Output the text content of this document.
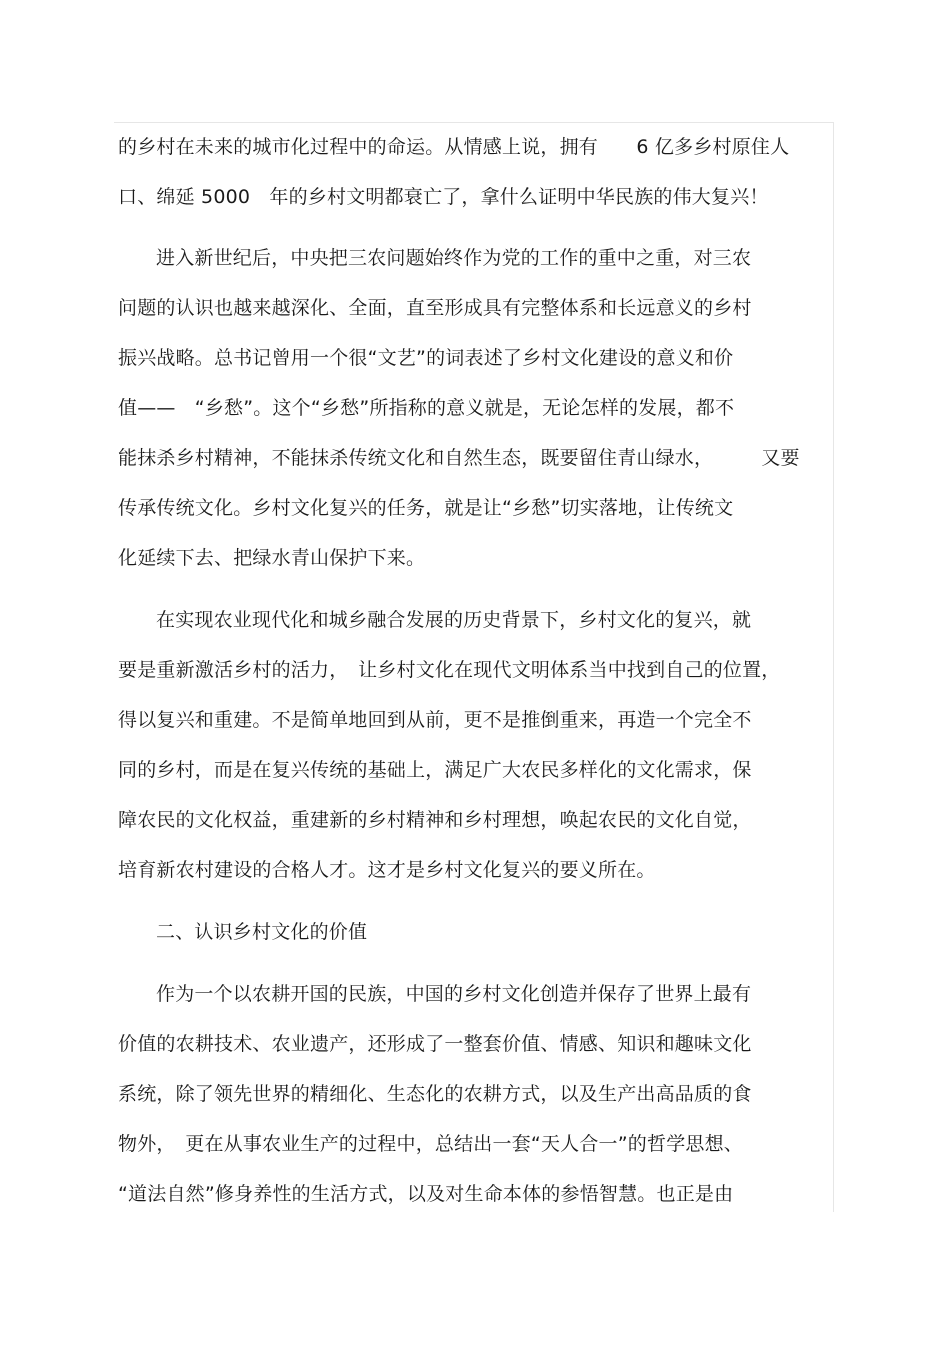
的乡村在未来的城市化过程中的命运。从情感上说，拥有　　6 亿多乡村原住人
口、绵延 5000　年的乡村文明都衰亡了，拿什么证明中华民族的伟大复兴！
进入新世纪后，中央把三农问题始终作为党的工作的重中之重，对三农
问题的认识也越来越深化、全面，直至形成具有完整体系和长远意义的乡村
振兴战略。总书记曾用一个很“文艺”的词表述了乡村文化建设的意义和价
值——　“乡愁”。这个“乡愁”所指称的意义就是，无论怎样的发展，都不
能抹杀乡村精神，不能抹杀传统文化和自然生态，既要留住青山绿水，　　　又要
传承传统文化。乡村文化复兴的任务，就是让“乡愁”切实落地，让传统文
化延续下去、把绿水青山保护下来。
在实现农业现代化和城乡融合发展的历史背景下，乡村文化的复兴，就
要是重新激活乡村的活力，　让乡村文化在现代文明体系当中找到自己的位置，
得以复兴和重建。不是简单地回到从前，更不是推倒重来，再造一个完全不
同的乡村，而是在复兴传统的基础上，满足广大农民多样化的文化需求，保
障农民的文化权益，重建新的乡村精神和乡村理想，唤起农民的文化自觉，
培育新农村建设的合格人才。这才是乡村文化复兴的要义所在。
二、认识乡村文化的价值
作为一个以农耕开国的民族，中国的乡村文化创造并保存了世界上最有
价值的农耕技术、农业遗产，还形成了一整套价值、情感、知识和趣味文化
系统，除了领先世界的精细化、生态化的农耕方式，以及生产出高品质的食
物外，　更在从事农业生产的过程中，总结出一套“天人合一”的哲学思想、
“道法自然”修身养性的生活方式，以及对生命本体的参悟智慧。也正是由
